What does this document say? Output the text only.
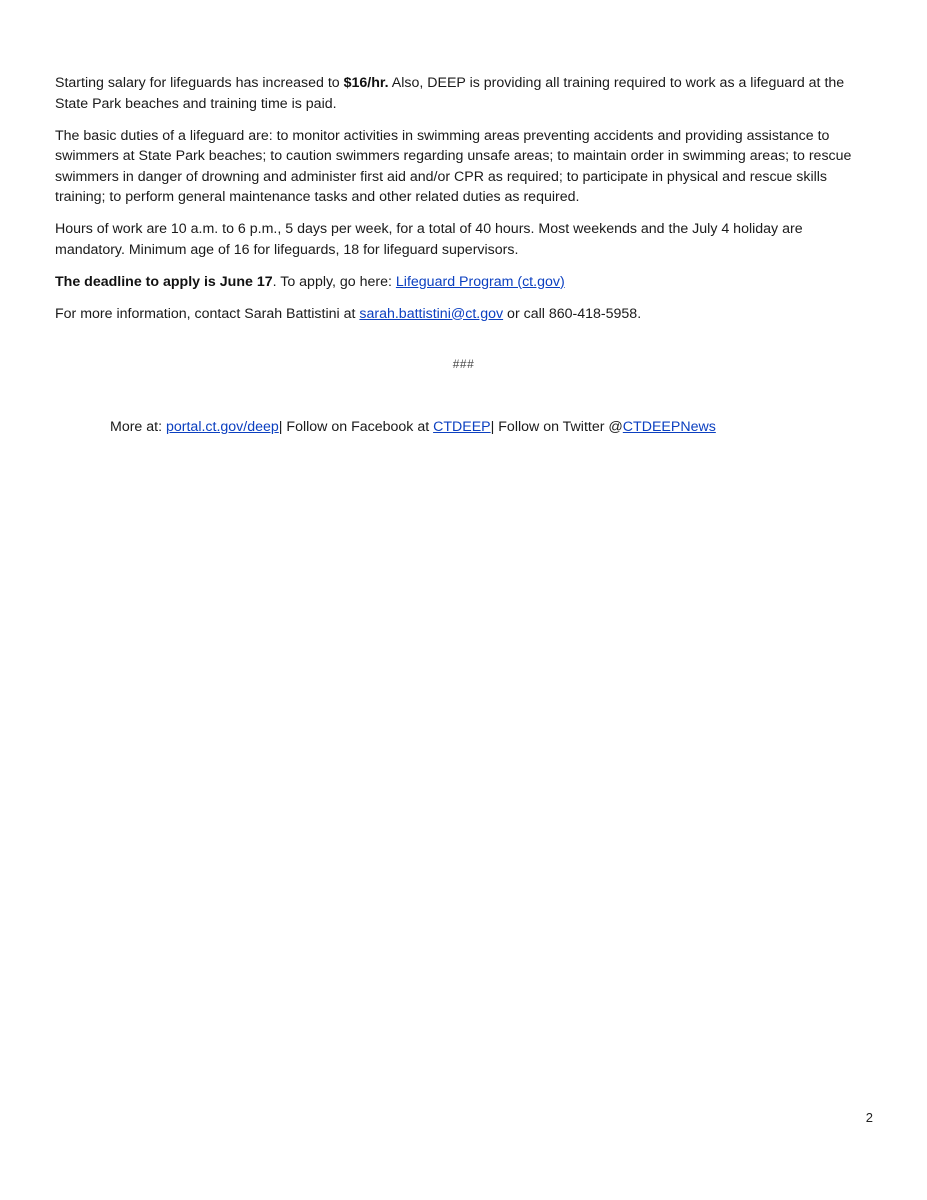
Starting salary for lifeguards has increased to $16/hr. Also, DEEP is providing all training required to work as a lifeguard at the State Park beaches and training time is paid.

The basic duties of a lifeguard are: to monitor activities in swimming areas preventing accidents and providing assistance to swimmers at State Park beaches; to caution swimmers regarding unsafe areas; to maintain order in swimming areas; to rescue swimmers in danger of drowning and administer first aid and/or CPR as required; to participate in physical and rescue skills training; to perform general maintenance tasks and other related duties as required.

Hours of work are 10 a.m. to 6 p.m., 5 days per week, for a total of 40 hours. Most weekends and the July 4 holiday are mandatory. Minimum age of 16 for lifeguards, 18 for lifeguard supervisors.

The deadline to apply is June 17. To apply, go here: Lifeguard Program (ct.gov)

For more information, contact Sarah Battistini at sarah.battistini@ct.gov or call 860-418-5958.

###
More at: portal.ct.gov/deep| Follow on Facebook at CTDEEP| Follow on Twitter @CTDEEPNews
2
